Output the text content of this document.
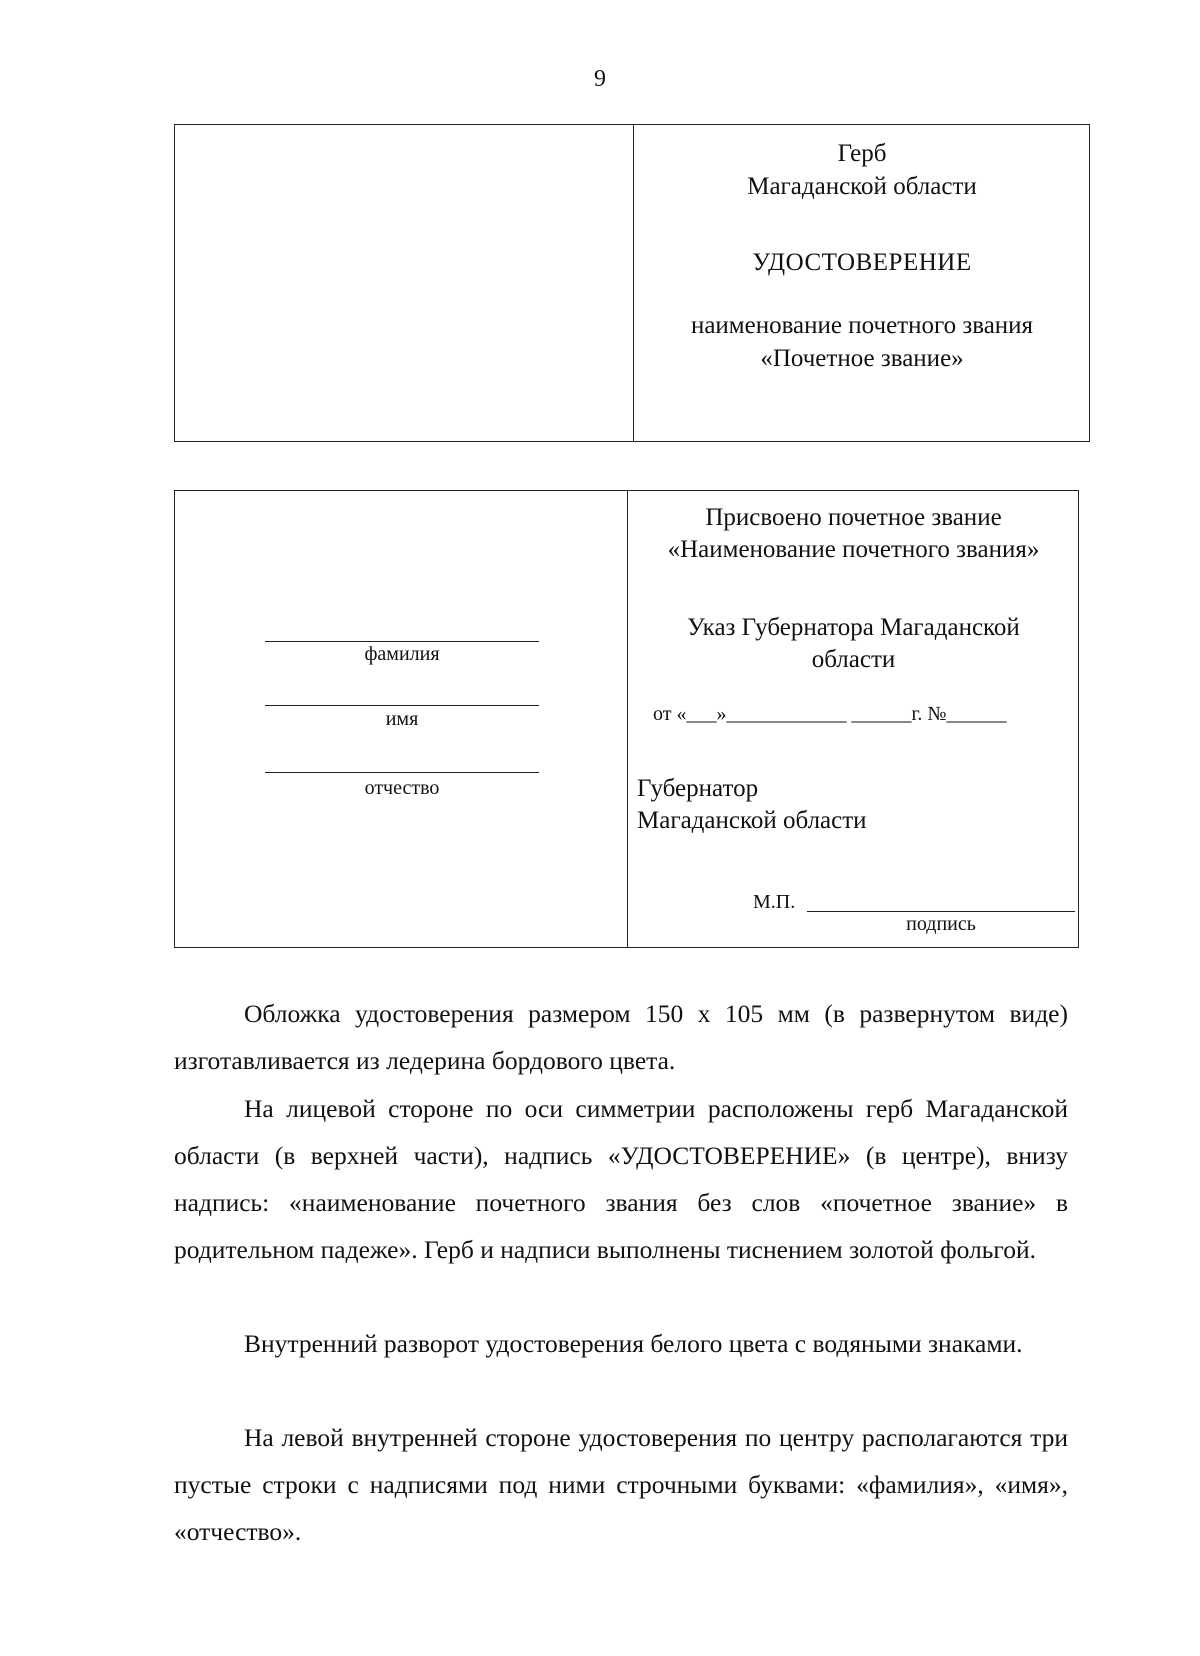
9
Герб
Магаданской области
УДОСТОВЕРЕНИЕ
наименование почетного звания
«Почетное звание»
фамилия
имя
отчество
Присвоено почетное звание
«Наименование почетного звания»
Указ Губернатора Магаданской
области
от «___»____________ ______г. №______
Губернатор
Магаданской области
М.П.
подпись
Обложка удостоверения размером 150 х 105 мм (в развернутом виде) изготавливается из ледерина бордового цвета.
На лицевой стороне по оси симметрии расположены герб Магаданской области (в верхней части), надпись «УДОСТОВЕРЕНИЕ» (в центре), внизу надпись: «наименование почетного звания без слов «почетное звание» в родительном падеже». Герб и надписи выполнены тиснением золотой фольгой.
Внутренний разворот удостоверения белого цвета с водяными знаками.
На левой внутренней стороне удостоверения по центру располагаются три пустые строки с надписями под ними строчными буквами: «фамилия», «имя», «отчество».
